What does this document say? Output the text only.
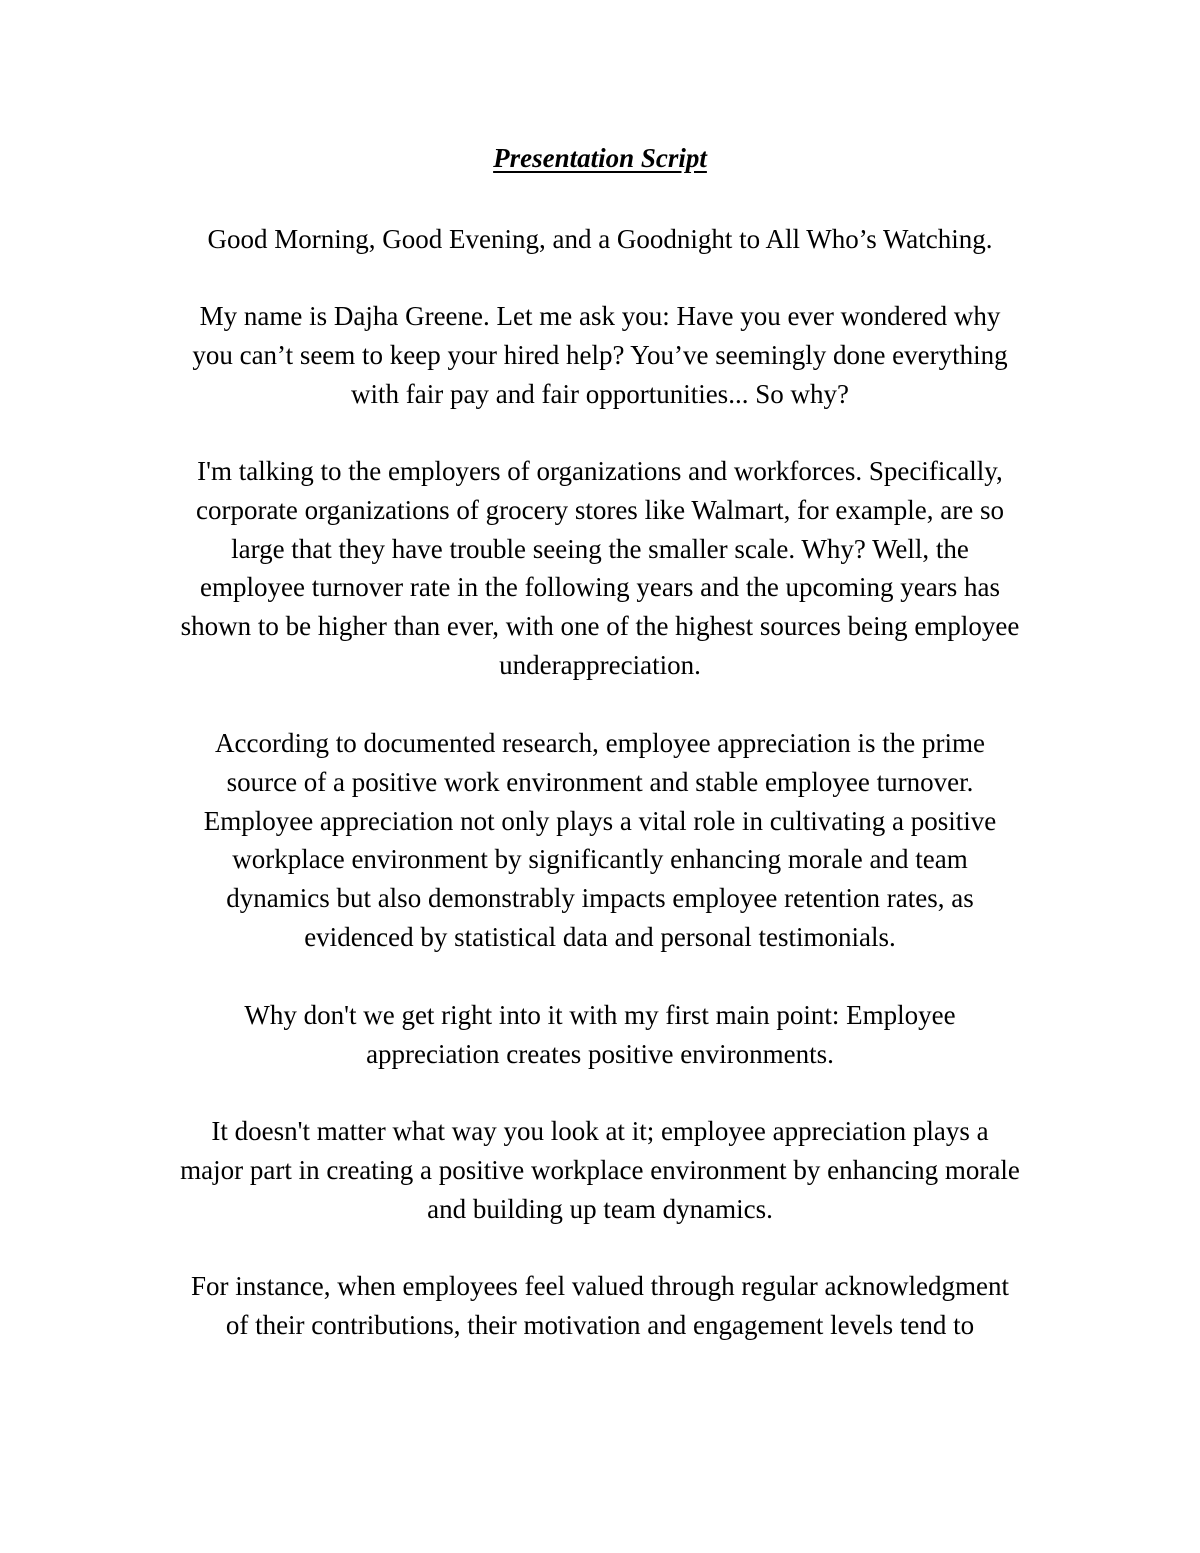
Presentation Script
Good Morning, Good Evening, and a Goodnight to All Who’s Watching.
My name is Dajha Greene. Let me ask you: Have you ever wondered why
you can’t seem to keep your hired help? You’ve seemingly done everything
with fair pay and fair opportunities... So why?
I'm talking to the employers of organizations and workforces. Specifically,
corporate organizations of grocery stores like Walmart, for example, are so
large that they have trouble seeing the smaller scale. Why? Well, the
employee turnover rate in the following years and the upcoming years has
shown to be higher than ever, with one of the highest sources being employee
underappreciation.
According to documented research, employee appreciation is the prime
source of a positive work environment and stable employee turnover.
Employee appreciation not only plays a vital role in cultivating a positive
workplace environment by significantly enhancing morale and team
dynamics but also demonstrably impacts employee retention rates, as
evidenced by statistical data and personal testimonials.
Why don't we get right into it with my first main point: Employee
appreciation creates positive environments.
It doesn't matter what way you look at it; employee appreciation plays a
major part in creating a positive workplace environment by enhancing morale
and building up team dynamics.
For instance, when employees feel valued through regular acknowledgment
of their contributions, their motivation and engagement levels tend to
